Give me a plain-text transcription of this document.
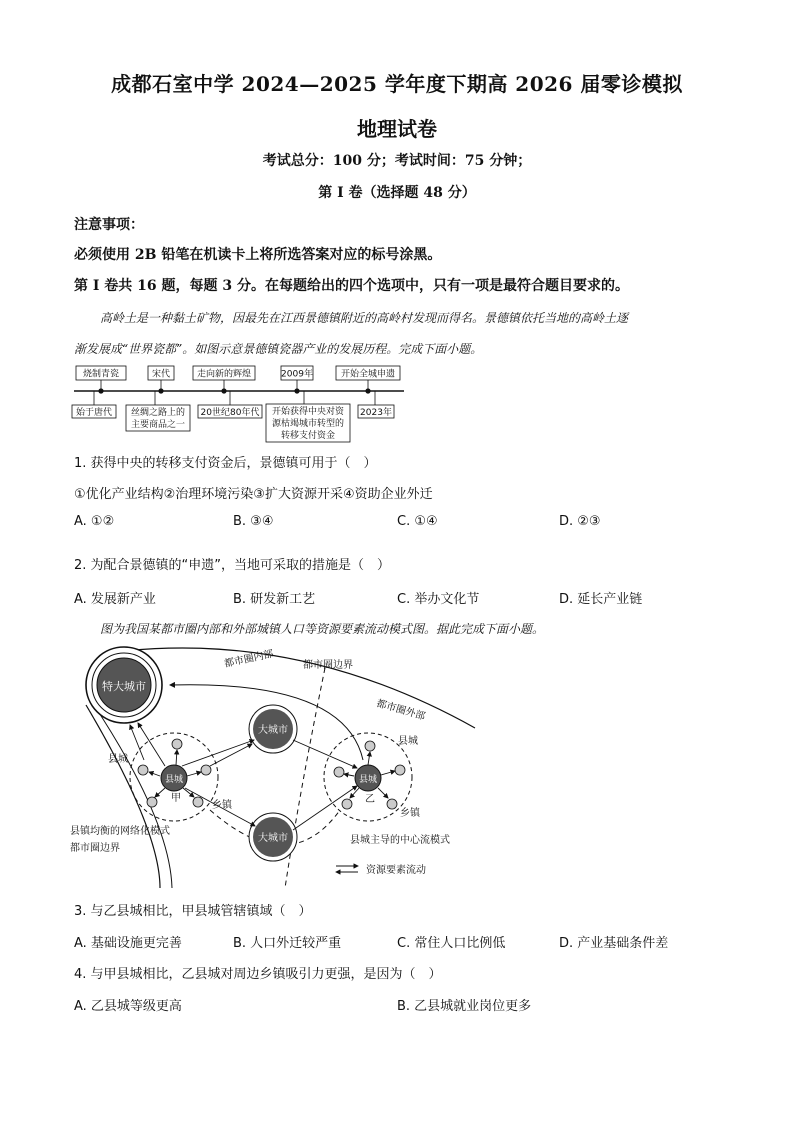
成都石室中学 2024—2025 学年度下期高 2026 届零诊模拟
地理试卷
考试总分：100 分；考试时间：75 分钟；
第 I 卷（选择题 48 分）
注意事项：
必须使用 2B 铅笔在机读卡上将所选答案对应的标号涂黑。
第 I 卷共 16 题，每题 3 分。在每题给出的四个选项中，只有一项是最符合题目要求的。
高岭土是一种黏土矿物，因最先在江西景德镇附近的高岭村发现而得名。景德镇依托当地的高岭土逐
渐发展成“世界瓷都”。如图示意景德镇瓷器产业的发展历程。完成下面小题。
烧制青瓷	宋代	走向新的辉煌	2009年	开始全城申遗
始于唐代 丝绸之路上的
主要商品之一
20世纪80年代 开始获得中央对资
源枯竭城市转型的
转移支付资金
2023年
1. 获得中央的转移支付资金后，景德镇可用于（　）
①优化产业结构②治理环境污染③扩大资源开采④资助企业外迁
A. ①②	B. ③④	C. ①④	D. ②③
2. 为配合景德镇的“申遗”，当地可采取的措施是（　）
A. 发展新产业	B. 研发新工艺	C. 举办文化节	D. 延长产业链
图为我国某都市圈内部和外部城镇人口等资源要素流动模式图。据此完成下面小题。
特大城市
大城市
大城市
县城	县城
都市圈内部	都市圈边界
都市圈外部
县城
甲
乡镇
县城
乙
乡镇
县镇均衡的网络化模式
都市圈边界
县城主导的中心流模式
资源要素流动
3. 与乙县城相比，甲县城管辖镇域（　）
A. 基础设施更完善	B. 人口外迁较严重	C. 常住人口比例低	D. 产业基础条件差
4. 与甲县城相比，乙县城对周边乡镇吸引力更强，是因为（　）
A. 乙县城等级更高	B. 乙县城就业岗位更多
